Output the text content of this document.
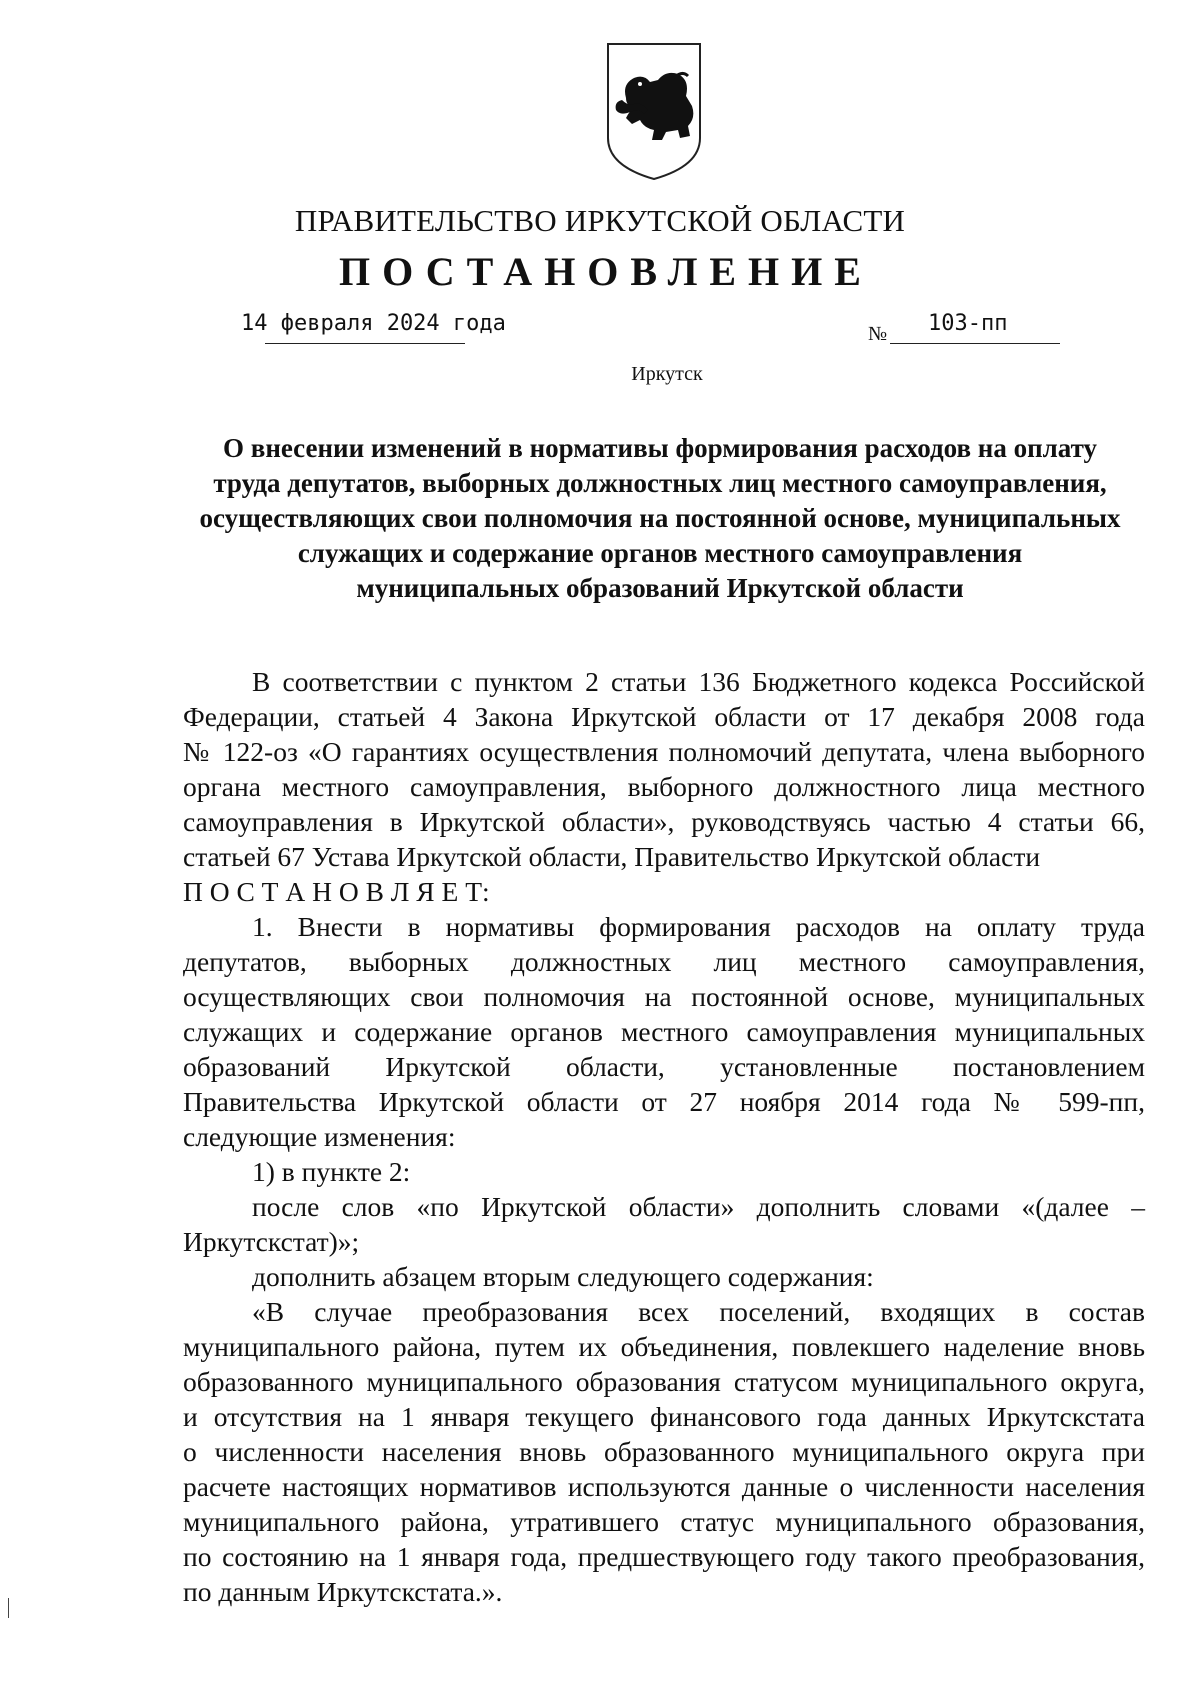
ПРАВИТЕЛЬСТВО ИРКУТСКОЙ ОБЛАСТИ
ПОСТАНОВЛЕНИЕ
14 февраля 2024 года	№ 103-пп
Иркутск
О внесении изменений в нормативы формирования расходов на оплату
труда депутатов, выборных должностных лиц местного самоуправления,
осуществляющих свои полномочия на постоянной основе, муниципальных
служащих и содержание органов местного самоуправления
муниципальных образований Иркутской области
В соответствии с пунктом 2 статьи 136 Бюджетного кодекса Российской
Федерации, статьей 4 Закона Иркутской области от 17 декабря 2008 года
№ 122-оз «О гарантиях осуществления полномочий депутата, члена выборного
органа местного самоуправления, выборного должностного лица местного
самоуправления в Иркутской области», руководствуясь частью 4 статьи 66,
статьей 67 Устава Иркутской области, Правительство Иркутской области
П О С Т А Н О В Л Я Е Т:
1. Внести в нормативы формирования расходов на оплату труда
депутатов, выборных должностных лиц местного самоуправления,
осуществляющих свои полномочия на постоянной основе, муниципальных
служащих и содержание органов местного самоуправления муниципальных
образований Иркутской области, установленные постановлением
Правительства Иркутской области от 27 ноября 2014 года № 599-пп,
следующие изменения:
1) в пункте 2:
после слов «по Иркутской области» дополнить словами «(далее –
Иркутскстат)»;
дополнить абзацем вторым следующего содержания:
«В случае преобразования всех поселений, входящих в состав
муниципального района, путем их объединения, повлекшего наделение вновь
образованного муниципального образования статусом муниципального округа,
и отсутствия на 1 января текущего финансового года данных Иркутскстата
о численности населения вновь образованного муниципального округа при
расчете настоящих нормативов используются данные о численности населения
муниципального района, утратившего статус муниципального образования,
по состоянию на 1 января года, предшествующего году такого преобразования,
по данным Иркутскстата.».
